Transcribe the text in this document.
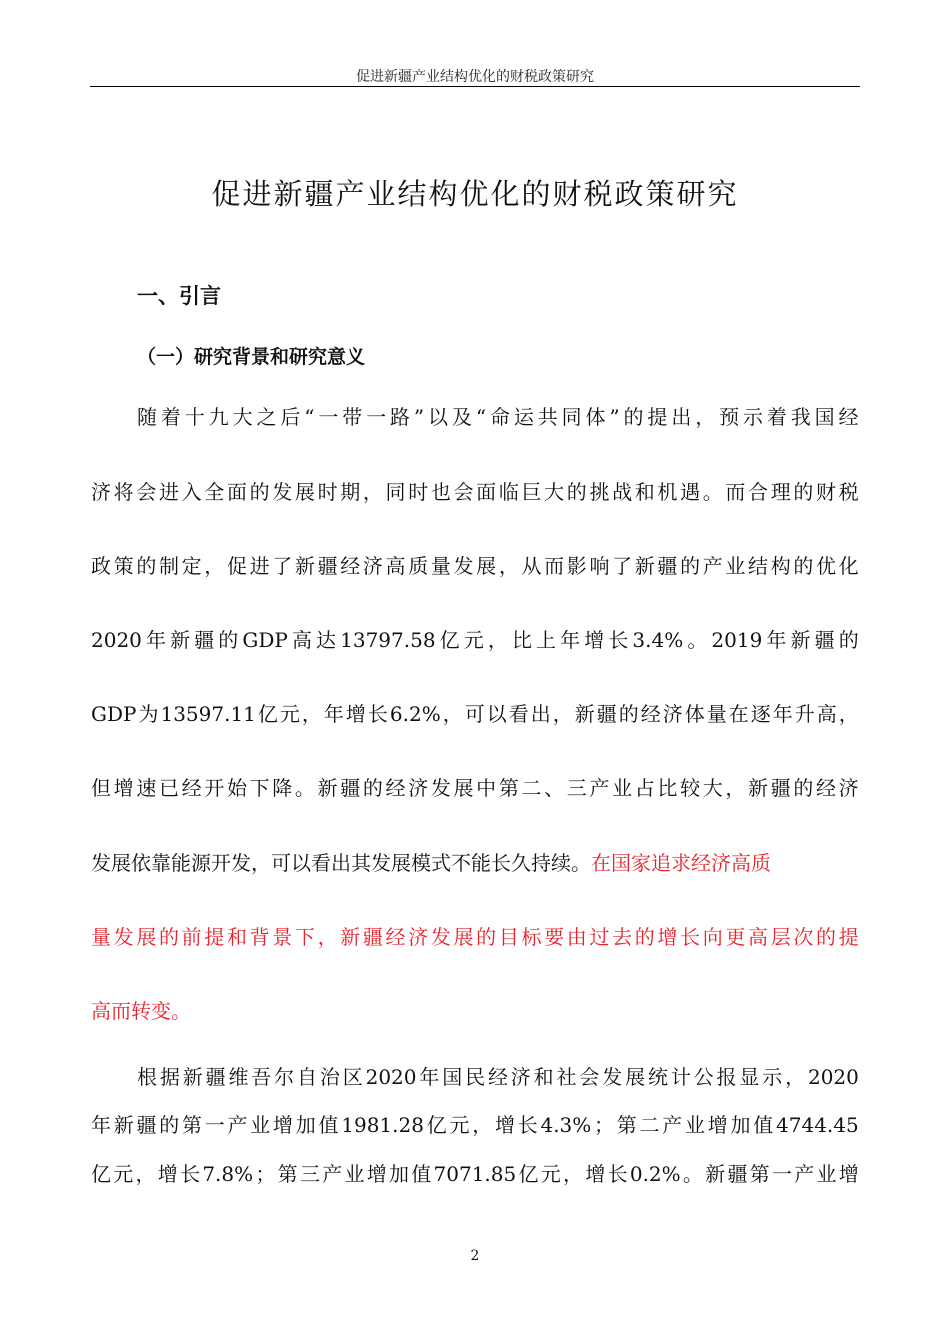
促进新疆产业结构优化的财税政策研究
促进新疆产业结构优化的财税政策研究
一、引言
（一）研究背景和研究意义
随 着 十 九 大 之 后 “ 一 带 一 路 ” 以 及 “ 命 运 共 同 体 ” 的 提 出 ， 预 示 着 我 国 经
济 将 会 进 入 全 面 的 发 展 时 期 ， 同 时 也 会 面 临 巨 大 的 挑 战 和 机 遇 。 而 合 理 的 财 税
政 策 的 制 定 ， 促 进 了 新 疆 经 济 高 质 量 发 展 ， 从 而 影 响 了 新 疆 的 产 业 结 构 的 优 化
2020 年 新 疆 的 GDP 高 达 13797.58 亿 元 ， 比 上 年 增 长 3.4% 。 2019 年 新 疆 的
GDP 为 13597.11 亿 元 ， 年 增 长 6.2% ， 可 以 看 出 ， 新 疆 的 经 济 体 量 在 逐 年 升 高 ，
但 增 速 已 经 开 始 下 降 。 新 疆 的 经 济 发 展 中 第 二 、 三 产 业 占 比 较 大 ， 新 疆 的 经 济
发展依靠能源开发，可以看出其发展模式不能长久持续。 在国家追求经济高质
量 发 展 的 前 提 和 背 景 下 ， 新 疆 经 济 发 展 的 目 标 要 由 过 去 的 增 长 向 更 高 层 次 的 提
高而转变。
根 据 新 疆 维 吾 尔 自 治 区 2020 年 国 民 经 济 和 社 会 发 展 统 计 公 报 显 示 ， 2020
年 新 疆 的 第 一 产 业 增 加 值 1981.28 亿 元 ， 增 长 4.3% ； 第 二 产 业 增 加 值 4744.45
亿 元 ， 增 长 7.8% ； 第 三 产 业 增 加 值 7071.85 亿 元 ， 增 长 0.2% 。 新 疆 第 一 产 业 增
2
